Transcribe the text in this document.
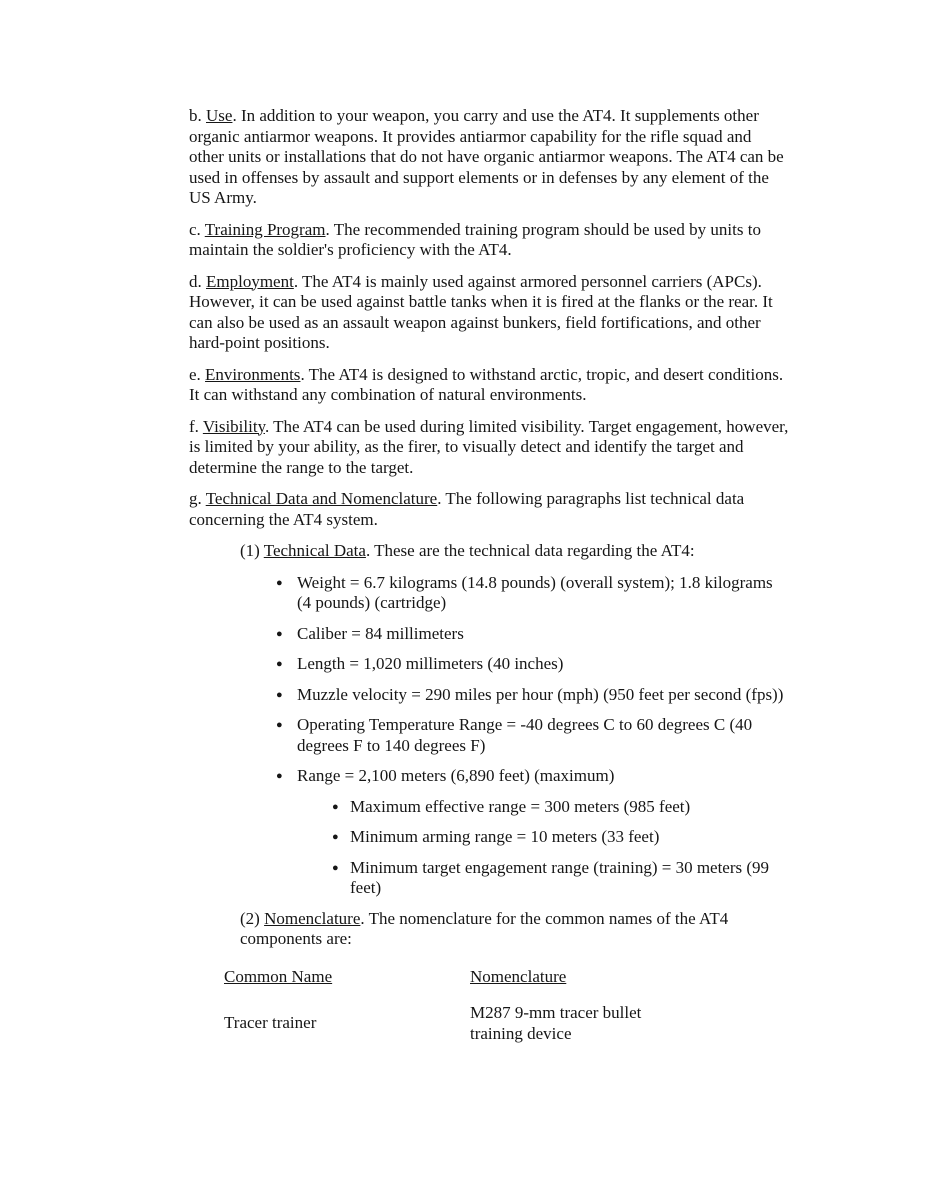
b. Use. In addition to your weapon, you carry and use the AT4. It supplements other organic antiarmor weapons. It provides antiarmor capability for the rifle squad and other units or installations that do not have organic antiarmor weapons. The AT4 can be used in offenses by assault and support elements or in defenses by any element of the US Army.

c. Training Program. The recommended training program should be used by units to maintain the soldier's proficiency with the AT4.

d. Employment. The AT4 is mainly used against armored personnel carriers (APCs). However, it can be used against battle tanks when it is fired at the flanks or the rear. It can also be used as an assault weapon against bunkers, field fortifications, and other hard-point positions.

e. Environments. The AT4 is designed to withstand arctic, tropic, and desert conditions. It can withstand any combination of natural environments.

f. Visibility. The AT4 can be used during limited visibility. Target engagement, however, is limited by your ability, as the firer, to visually detect and identify the target and determine the range to the target.

g. Technical Data and Nomenclature. The following paragraphs list technical data concerning the AT4 system.

(1) Technical Data. These are the technical data regarding the AT4:

● Weight = 6.7 kilograms (14.8 pounds) (overall system); 1.8 kilograms (4 pounds) (cartridge)
● Caliber = 84 millimeters
● Length = 1,020 millimeters (40 inches)
● Muzzle velocity = 290 miles per hour (mph) (950 feet per second (fps))
● Operating Temperature Range = -40 degrees C to 60 degrees C (40 degrees F to 140 degrees F)
● Range = 2,100 meters (6,890 feet) (maximum)
● Maximum effective range = 300 meters (985 feet)
● Minimum arming range = 10 meters (33 feet)
● Minimum target engagement range (training) = 30 meters (99 feet)

(2) Nomenclature. The nomenclature for the common names of the AT4 components are:

Common Name	Nomenclature
Tracer trainer
M287 9-mm tracer bullet training device
